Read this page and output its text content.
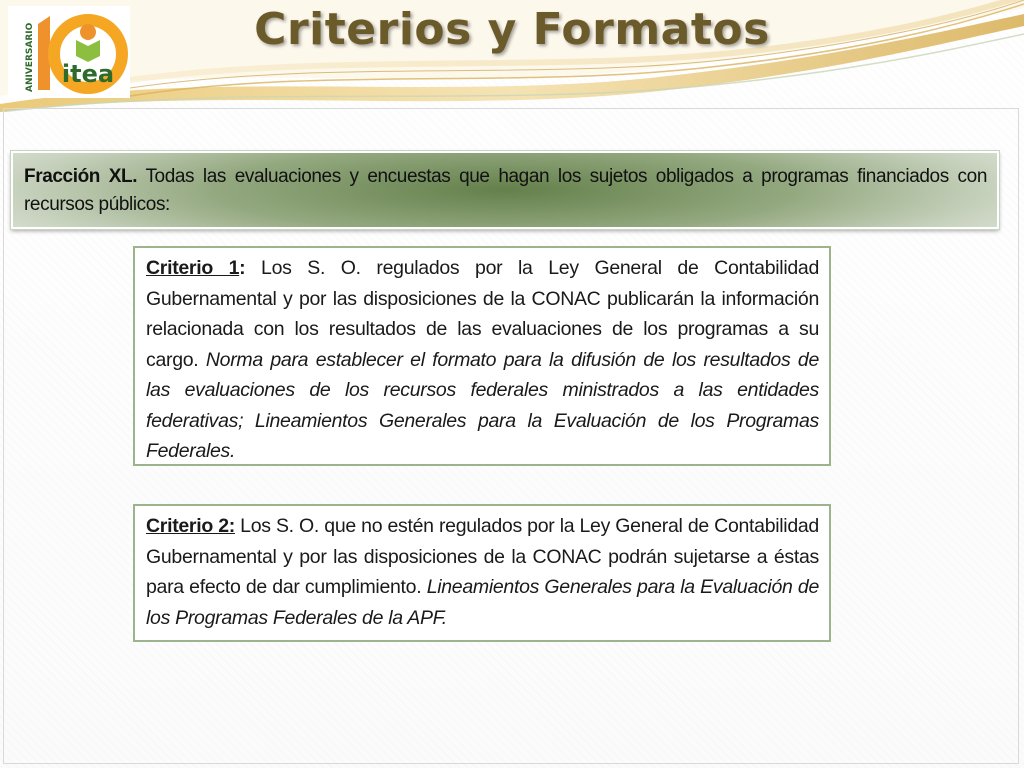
ANIVERSARIO itea
Criterios y Formatos
Fracción XL. Todas las evaluaciones y encuestas que hagan los sujetos obligados a programas financiados con recursos públicos:
Criterio 1: Los S. O. regulados por la Ley General de Contabilidad Gubernamental y por las disposiciones de la CONAC publicarán la información relacionada con los resultados de las evaluaciones de los programas a su cargo. Norma para establecer el formato para la difusión de los resultados de las evaluaciones de los recursos federales ministrados a las entidades federativas; Lineamientos Generales para la Evaluación de los Programas Federales.
Criterio 2: Los S. O. que no estén regulados por la Ley General de Contabilidad Gubernamental y por las disposiciones de la CONAC podrán sujetarse a éstas para efecto de dar cumplimiento. Lineamientos Generales para la Evaluación de los Programas Federales de la APF.
